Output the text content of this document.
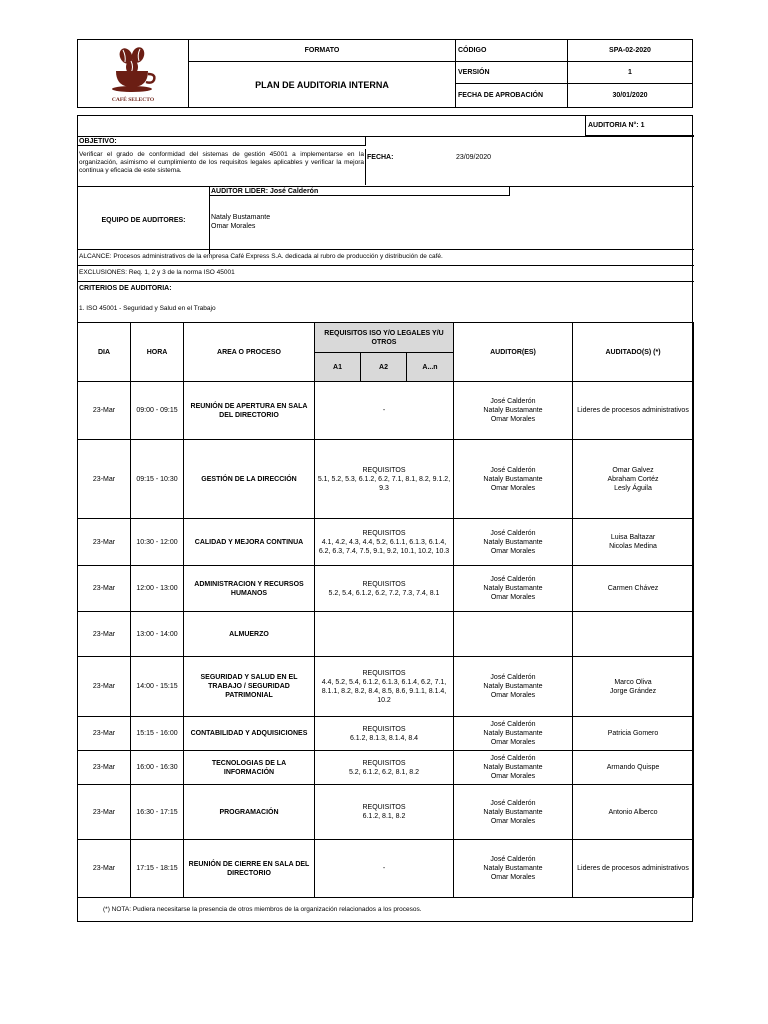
CAFÉ SELECTO
FORMATO
PLAN DE AUDITORIA INTERNA
CÓDIGO	SPA-02-2020
VERSIÓN	1
FECHA DE APROBACIÓN	30/01/2020
AUDITORIA N°: 1
OBJETIVO:
Verificar el grado de conformidad del sistemas de gestión 45001 a implementarse en la organización, asimismo el cumplimiento de los requisitos legales aplicables y verificar la mejora continua y eficacia de este sistema.
FECHA:	23/09/2020
EQUIPO DE AUDITORES:
AUDITOR LIDER: José Calderón
Nataly Bustamante
Omar Morales
ALCANCE: Procesos administrativos de la empresa Café Express S.A. dedicada al rubro de producción y distribución de café.
EXCLUSIONES: Req. 1, 2 y 3 de la norma ISO 45001
CRITERIOS DE AUDITORIA:
1. ISO 45001 - Seguridad y Salud en el Trabajo
DIA	HORA	AREA O PROCESO	REQUISITOS ISO Y/O LEGALES Y/U OTROS			AUDITOR(ES)	AUDITADO(S) (*)
			A1	A2	A...n		
23-Mar	09:00 - 09:15	REUNIÓN DE APERTURA EN SALA DEL DIRECTORIO	-			José Calderón
Nataly Bustamante
Omar Morales	Lideres de procesos administrativos
23-Mar	09:15 - 10:30	GESTIÓN DE LA DIRECCIÓN	REQUISITOS
5.1, 5.2, 5.3, 6.1.2, 6.2, 7.1, 8.1, 8.2, 9.1.2, 9.3			José Calderón
Nataly Bustamante
Omar Morales	Omar Galvez
Abraham Cortéz
Lesly Águila
23-Mar	10:30 - 12:00	CALIDAD Y MEJORA CONTINUA	REQUISITOS
4.1, 4.2, 4.3, 4.4, 5.2, 6.1.1, 6.1.3, 6.1.4, 6.2, 6.3, 7.4, 7.5, 9.1, 9.2, 10.1, 10.2, 10.3			José Calderón
Nataly Bustamante
Omar Morales	Luisa Baltazar
Nicolas Medina
23-Mar	12:00 - 13:00	ADMINISTRACION Y RECURSOS HUMANOS	REQUISITOS
5.2, 5.4, 6.1.2, 6.2, 7.2, 7.3, 7.4, 8.1			José Calderón
Nataly Bustamante
Omar Morales	Carmen Chávez
23-Mar	13:00 - 14:00	ALMUERZO					
23-Mar	14:00 - 15:15	SEGURIDAD Y SALUD EN EL TRABAJO / SEGURIDAD PATRIMONIAL	REQUISITOS
4.4, 5.2, 5.4, 6.1.2, 6.1.3, 6.1.4, 6.2, 7.1, 8.1.1, 8.2, 8.2, 8.4, 8.5, 8.6, 9.1.1, 8.1.4, 10.2			José Calderón
Nataly Bustamante
Omar Morales	Marco Oliva
Jorge Grández
23-Mar	15:15 - 16:00	CONTABILIDAD Y ADQUISICIONES	REQUISITOS
6.1.2, 8.1.3, 8.1.4, 8.4			José Calderón
Nataly Bustamante
Omar Morales	Patricia Gomero
23-Mar	16:00 - 16:30	TECNOLOGIAS DE LA INFORMACIÓN	REQUISITOS
5.2, 6.1.2, 6.2, 8.1, 8.2			José Calderón
Nataly Bustamante
Omar Morales	Armando Quispe
23-Mar	16:30 - 17:15	PROGRAMACIÓN	REQUISITOS
6.1.2, 8.1, 8.2			José Calderón
Nataly Bustamante
Omar Morales	Antonio Alberco
23-Mar	17:15 - 18:15	REUNIÓN DE CIERRE EN SALA DEL DIRECTORIO	-			José Calderón
Nataly Bustamante
Omar Morales	Lideres de procesos administrativos
(*) NOTA: Pudiera necesitarse la presencia de otros miembros de la organización relacionados a los procesos.
